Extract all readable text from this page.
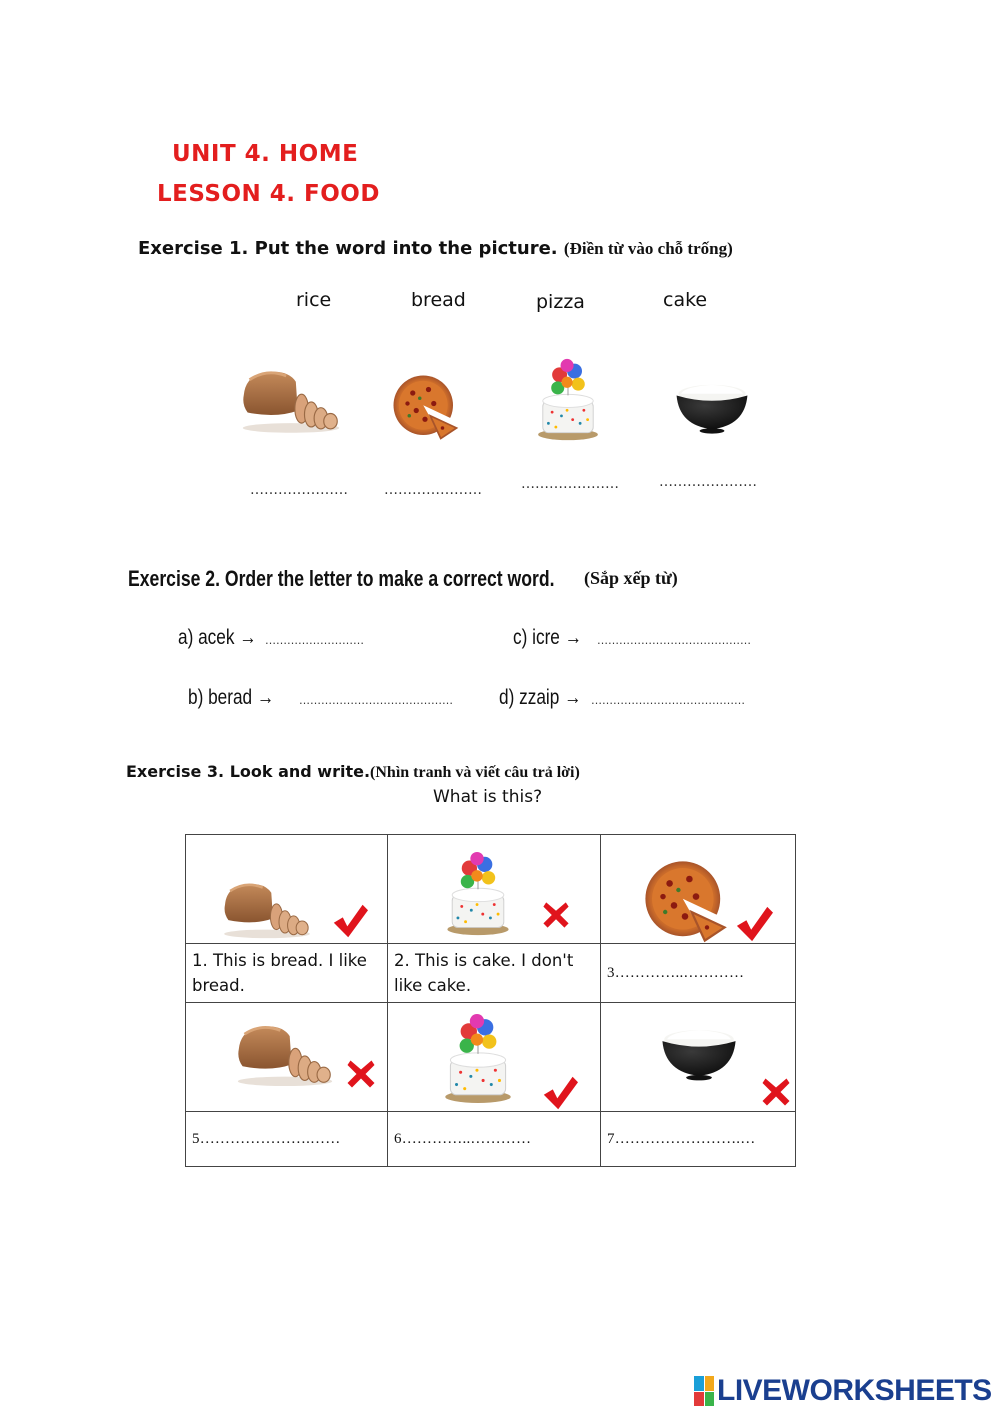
UNIT 4. HOME
LESSON 4. FOOD
Exercise 1. Put the word into the picture. (Điền từ vào chỗ trống)
rice	bread	pizza	cake
…………………	…………………	…………………	…………………
Exercise 2. Order the letter to make a correct word.	(Sắp xếp từ)
a) acek → ………………………	c) icre →	……………………………………
b) berad →	…………………………………… d) zzaip → ……………………………………
Exercise 3. Look and write.(Nhìn tranh và viết câu trả lời)
What is this?

1. This is bread. I like bread.	2. This is cake. I don't like cake.	3…………..…………

5………………….……	6…………..…………	7…………………….…
LIVEWORKSHEETS
